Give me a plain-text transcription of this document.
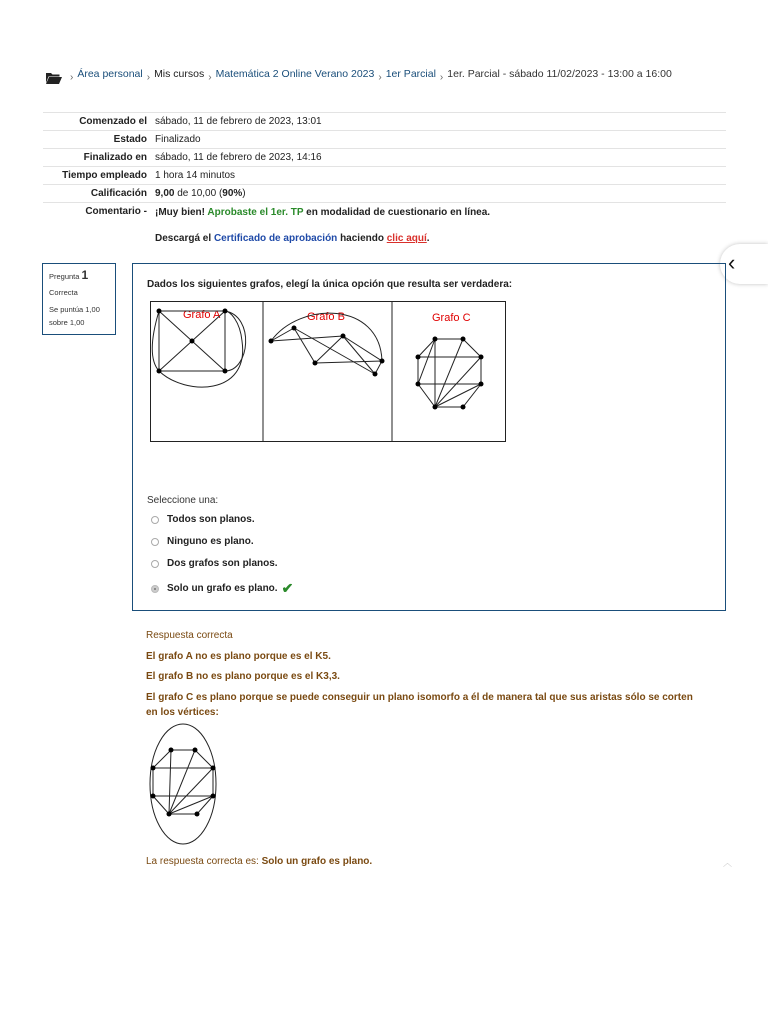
› Área personal › Mis cursos › Matemática 2 Online Verano 2023 › 1er Parcial › 1er. Parcial - sábado 11/02/2023 - 13:00 a 16:00
Comenzado el	sábado, 11 de febrero de 2023, 13:01
Estado	Finalizado
Finalizado en	sábado, 11 de febrero de 2023, 14:16
Tiempo empleado	1 hora 14 minutos
Calificación	9,00 de 10,00 (90%)
Comentario -	¡Muy bien! Aprobaste el 1er. TP en modalidad de cuestionario en línea.
Descargá el Certificado de aprobación haciendo clic aquí.
‹
Pregunta 1
Correcta
Se puntúa 1,00 sobre 1,00
Dados los siguientes grafos, elegí la única opción que resulta ser verdadera:
Grafo A	Grafo B	Grafo C
Seleccione una:
Todos son planos.
Ninguno es plano.
Dos grafos son planos.
Solo un grafo es plano. ✔
Respuesta correcta
El grafo A no es plano porque es el K5.
El grafo B no es plano porque es el K3,3.
El grafo C es plano porque se puede conseguir un plano isomorfo a él de manera tal que sus aristas sólo se corten
en los vértices:
La respuesta correcta es: Solo un grafo es plano.	︿
